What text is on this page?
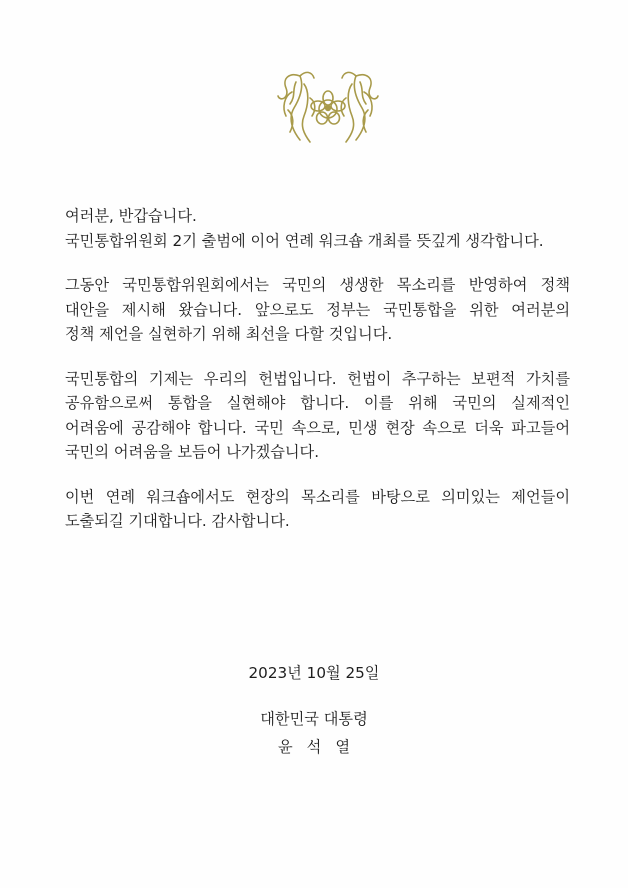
여러분, 반갑습니다.
국민통합위원회 2기 출범에 이어 연례 워크숍 개최를 뜻깊게 생각합니다.
그동안 국민통합위원회에서는 국민의 생생한 목소리를 반영하여 정책
대안을 제시해 왔습니다. 앞으로도 정부는 국민통합을 위한 여러분의
정책 제언을 실현하기 위해 최선을 다할 것입니다.
국민통합의 기제는 우리의 헌법입니다. 헌법이 추구하는 보편적 가치를
공유함으로써 통합을 실현해야 합니다. 이를 위해 국민의 실제적인
어려움에 공감해야 합니다. 국민 속으로, 민생 현장 속으로 더욱 파고들어
국민의 어려움을 보듬어 나가겠습니다.
이번 연례 워크숍에서도 현장의 목소리를 바탕으로 의미있는 제언들이
도출되길 기대합니다. 감사합니다.
2023년 10월 25일
대한민국 대통령
윤석열
